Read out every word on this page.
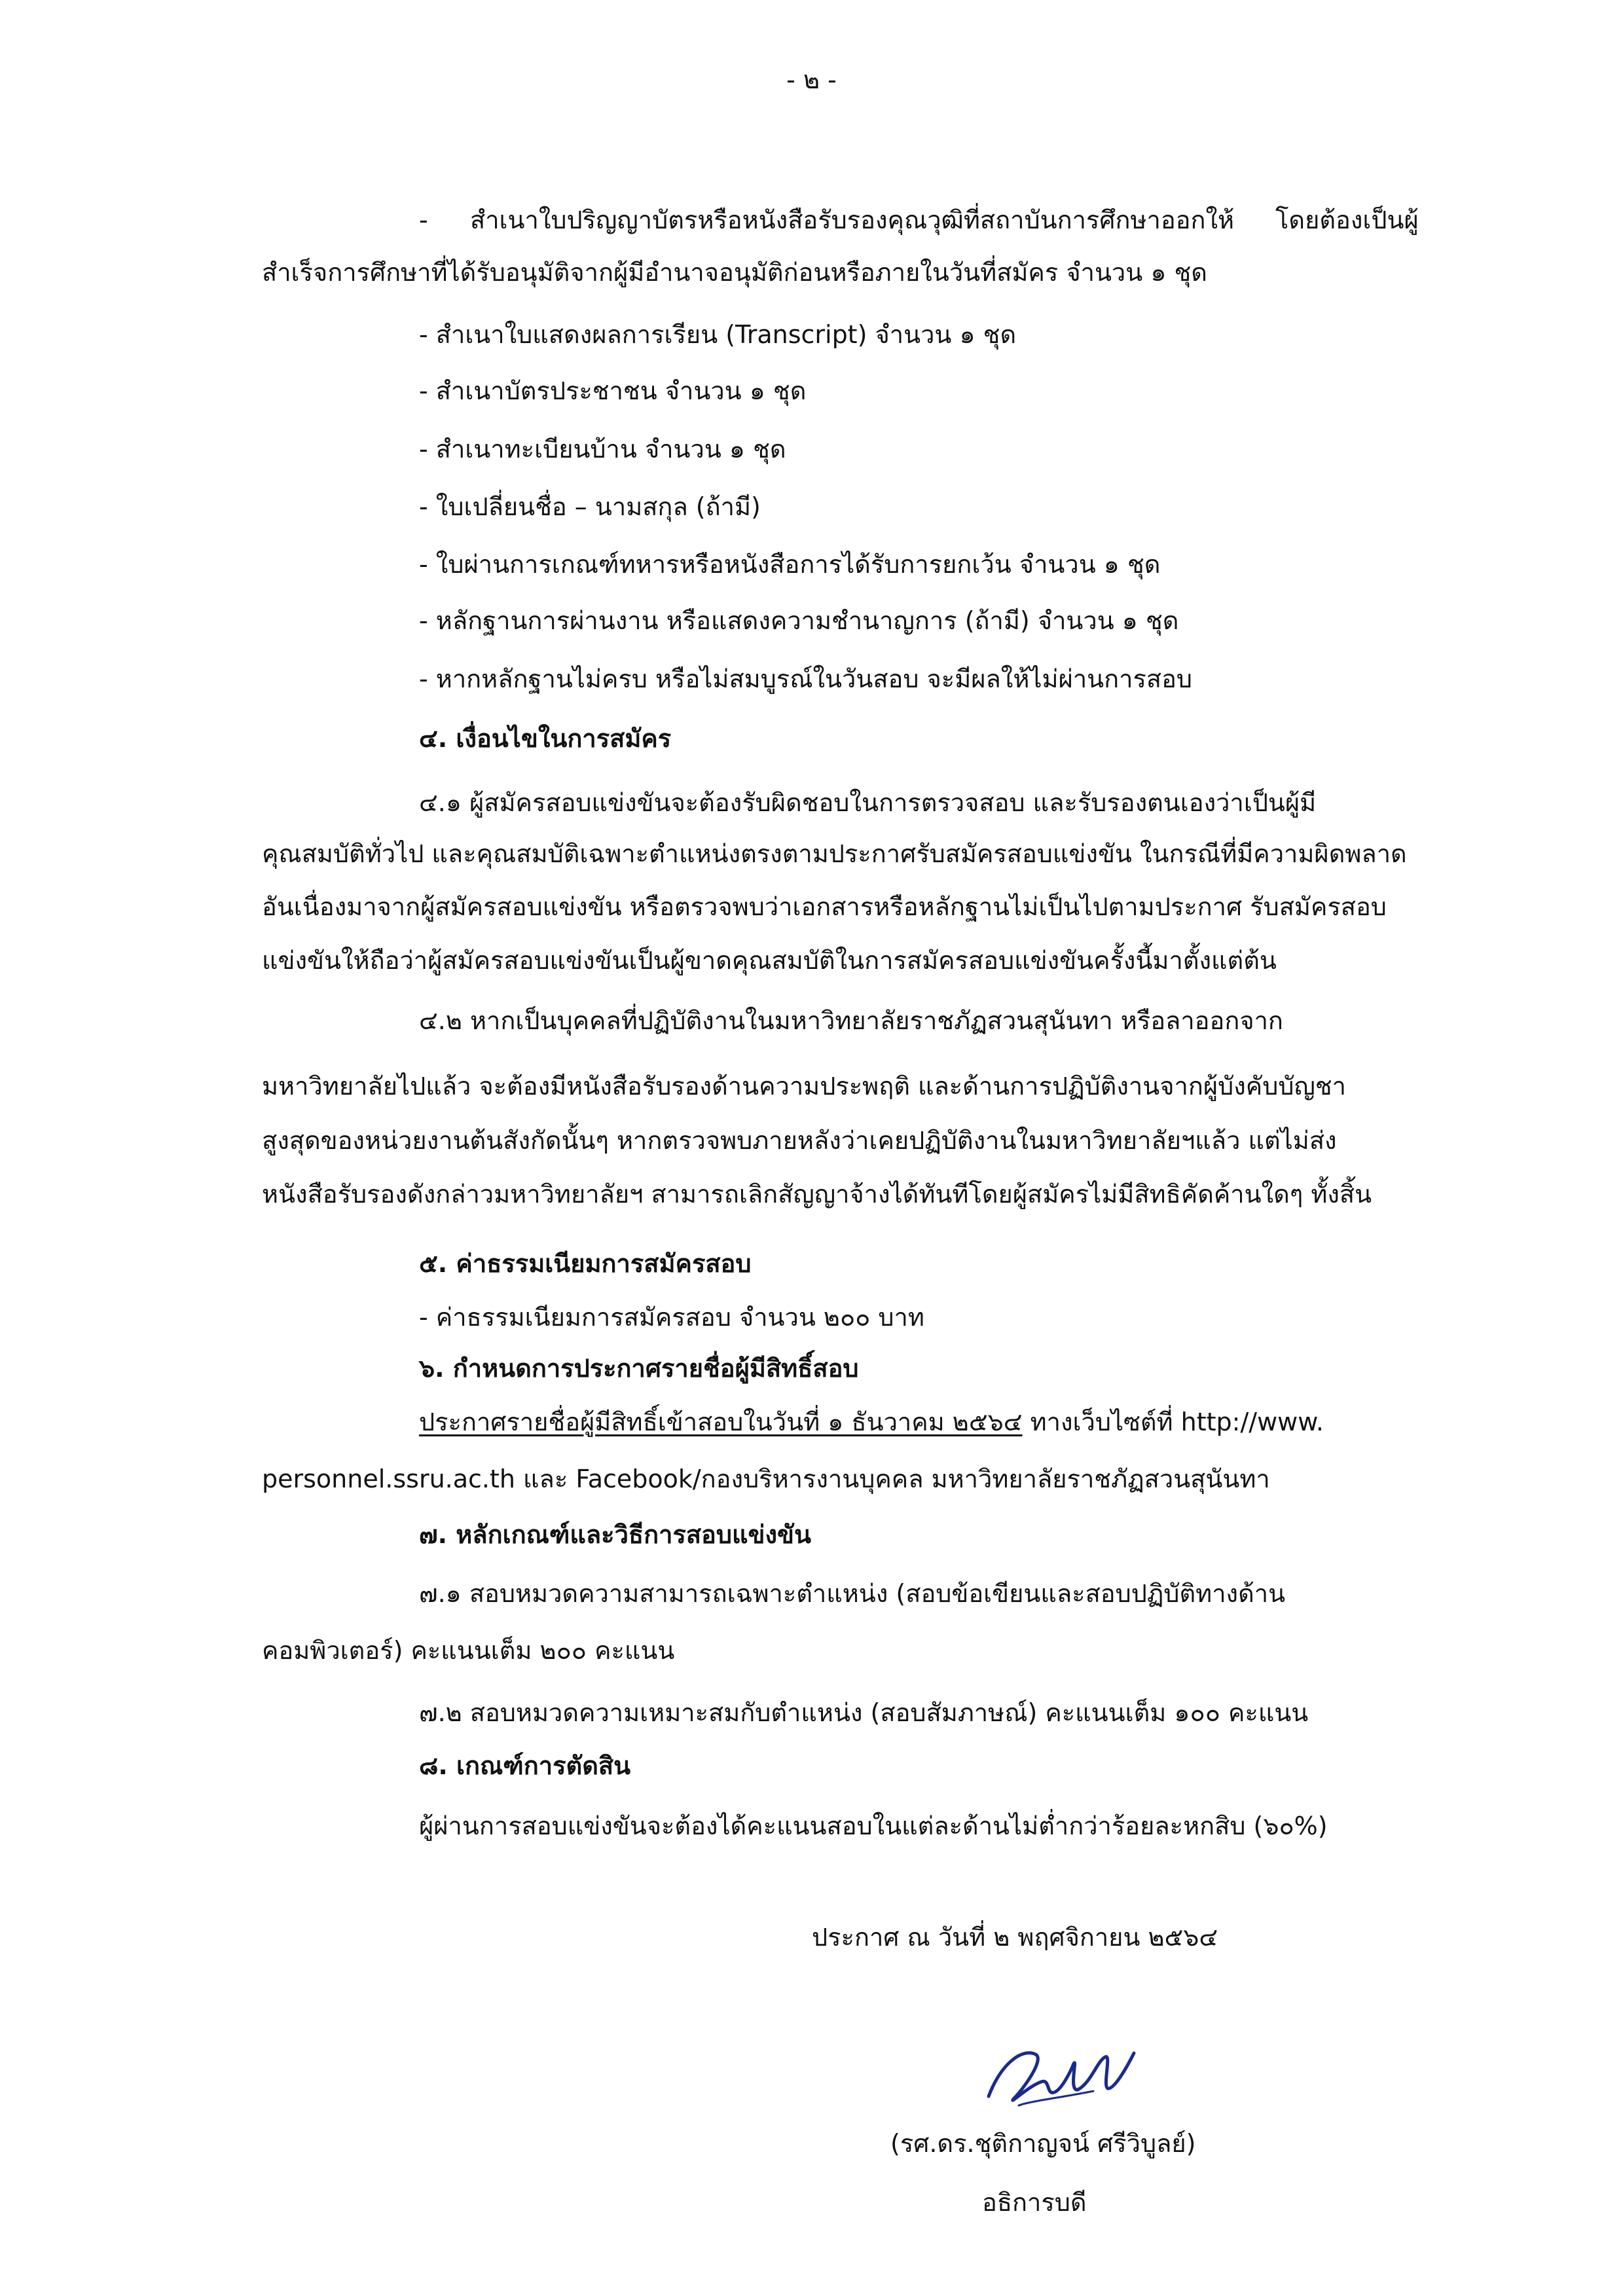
- ๒ -
- สำเนาใบปริญญาบัตรหรือหนังสือรับรองคุณวุฒิที่สถาบันการศึกษาออกให้ โดยต้องเป็นผู้
สำเร็จการศึกษาที่ได้รับอนุมัติจากผู้มีอำนาจอนุมัติก่อนหรือภายในวันที่สมัคร จำนวน ๑ ชุด
- สำเนาใบแสดงผลการเรียน (Transcript) จำนวน ๑ ชุด
- สำเนาบัตรประชาชน จำนวน ๑ ชุด
- สำเนาทะเบียนบ้าน จำนวน ๑ ชุด
- ใบเปลี่ยนชื่อ – นามสกุล (ถ้ามี)
- ใบผ่านการเกณฑ์ทหารหรือหนังสือการได้รับการยกเว้น จำนวน ๑ ชุด
- หลักฐานการผ่านงาน หรือแสดงความชำนาญการ (ถ้ามี) จำนวน ๑ ชุด
- หากหลักฐานไม่ครบ หรือไม่สมบูรณ์ในวันสอบ จะมีผลให้ไม่ผ่านการสอบ
๔. เงื่อนไขในการสมัคร
๔.๑ ผู้สมัครสอบแข่งขันจะต้องรับผิดชอบในการตรวจสอบ และรับรองตนเองว่าเป็นผู้มี
คุณสมบัติทั่วไป และคุณสมบัติเฉพาะตำแหน่งตรงตามประกาศรับสมัครสอบแข่งขัน ในกรณีที่มีความผิดพลาด
อันเนื่องมาจากผู้สมัครสอบแข่งขัน หรือตรวจพบว่าเอกสารหรือหลักฐานไม่เป็นไปตามประกาศ รับสมัครสอบ
แข่งขันให้ถือว่าผู้สมัครสอบแข่งขันเป็นผู้ขาดคุณสมบัติในการสมัครสอบแข่งขันครั้งนี้มาตั้งแต่ต้น
๔.๒ หากเป็นบุคคลที่ปฏิบัติงานในมหาวิทยาลัยราชภัฏสวนสุนันทา หรือลาออกจาก
มหาวิทยาลัยไปแล้ว จะต้องมีหนังสือรับรองด้านความประพฤติ และด้านการปฏิบัติงานจากผู้บังคับบัญชา
สูงสุดของหน่วยงานต้นสังกัดนั้นๆ หากตรวจพบภายหลังว่าเคยปฏิบัติงานในมหาวิทยาลัยฯแล้ว แต่ไม่ส่ง
หนังสือรับรองดังกล่าวมหาวิทยาลัยฯ สามารถเลิกสัญญาจ้างได้ทันทีโดยผู้สมัครไม่มีสิทธิคัดค้านใดๆ ทั้งสิ้น
๕. ค่าธรรมเนียมการสมัครสอบ
- ค่าธรรมเนียมการสมัครสอบ จำนวน ๒๐๐ บาท
๖. กำหนดการประกาศรายชื่อผู้มีสิทธิ์สอบ
ประกาศรายชื่อผู้มีสิทธิ์เข้าสอบในวันที่ ๑ ธันวาคม ๒๕๖๔ ทางเว็บไซต์ที่ http://www.
personnel.ssru.ac.th และ Facebook/กองบริหารงานบุคคล มหาวิทยาลัยราชภัฏสวนสุนันทา
๗. หลักเกณฑ์และวิธีการสอบแข่งขัน
๗.๑ สอบหมวดความสามารถเฉพาะตำแหน่ง (สอบข้อเขียนและสอบปฏิบัติทางด้าน
คอมพิวเตอร์) คะแนนเต็ม ๒๐๐ คะแนน
๗.๒ สอบหมวดความเหมาะสมกับตำแหน่ง (สอบสัมภาษณ์) คะแนนเต็ม ๑๐๐ คะแนน
๘. เกณฑ์การตัดสิน
ผู้ผ่านการสอบแข่งขันจะต้องได้คะแนนสอบในแต่ละด้านไม่ต่ำกว่าร้อยละหกสิบ (๖๐%)
ประกาศ ณ วันที่ ๒ พฤศจิกายน ๒๕๖๔
(รศ.ดร.ชุติกาญจน์ ศรีวิบูลย์)
อธิการบดี
